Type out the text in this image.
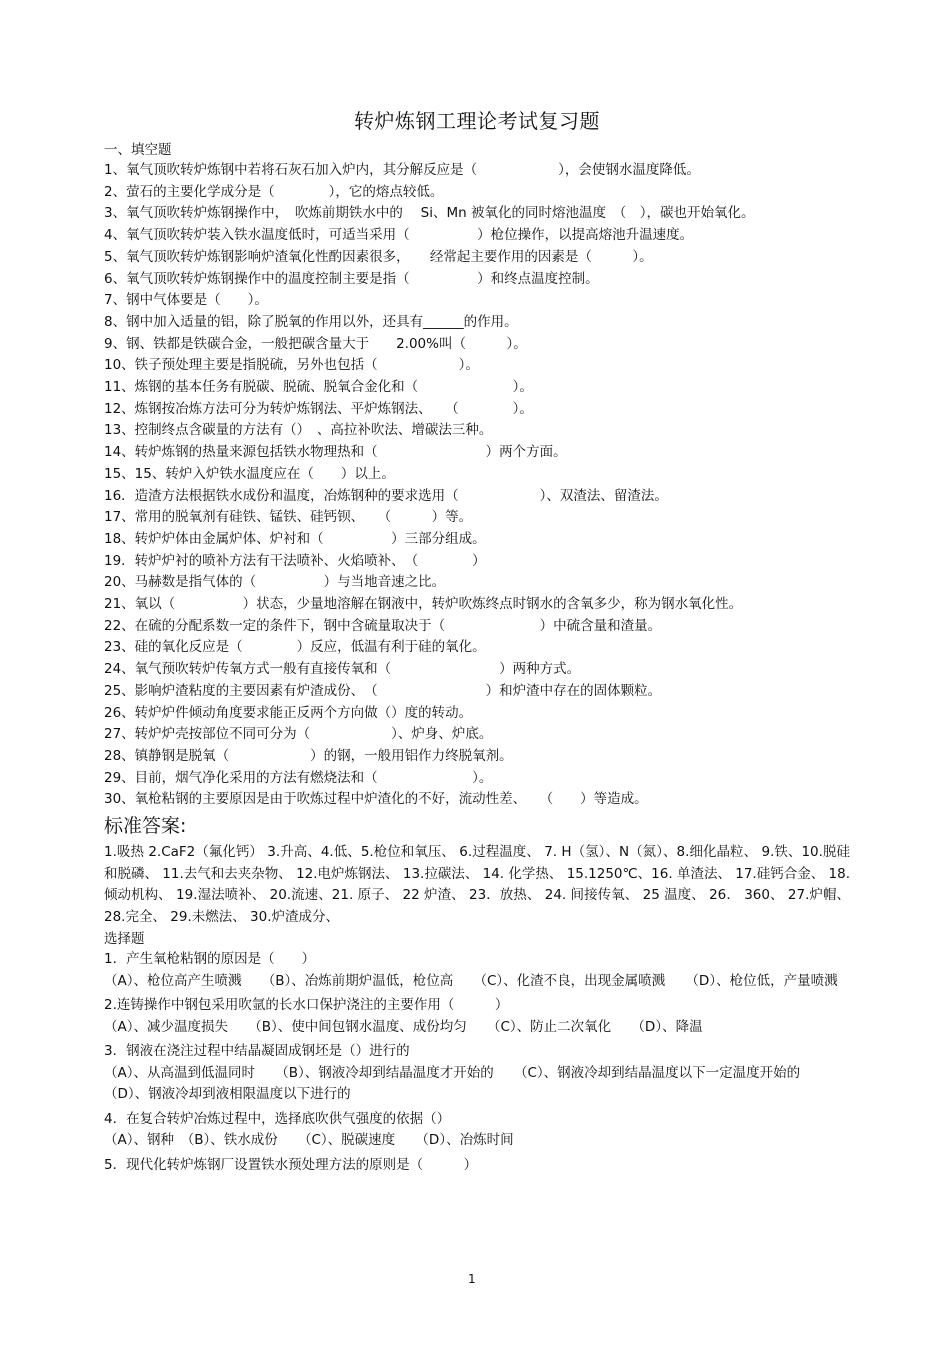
转炉炼钢工理论考试复习题
一、填空题
1、氧气顶吹转炉炼钢中若将石灰石加入炉内，其分解反应是（　　　　　　），会使钢水温度降低。
2、萤石的主要化学成分是（　　　　），它的熔点较低。
3、氧气顶吹转炉炼钢操作中，　吹炼前期铁水中的　 Si、Mn 被氧化的同时熔池温度　（　），碳也开始氧化。
4、氧气顶吹转炉装入铁水温度低时，可适当采用（　　　　　）枪位操作，以提高熔池升温速度。
5、氧气顶吹转炉炼钢影响炉渣氧化性酌因素很多，　　经常起主要作用的因素是（　　　）。
6、氧气顶吹转炉炼钢操作中的温度控制主要是指（　　　　　）和终点温度控制。
7、钢中气体要是（　　）。
8、钢中加入适量的铝，除了脱氧的作用以外，还具有______的作用。
9、钢、铁都是铁碳合金，一般把碳含量大于　　2.00%叫（　　　）。
10、铁子预处理主要是指脱硫，另外也包括（　　　　　　）。
11、炼钢的基本任务有脱碳、脱硫、脱氧合金化和（　　　　　　　）。
12、炼钢按冶炼方法可分为转炉炼钢法、平炉炼钢法、　　（　　　　）。
13、控制终点含碳量的方法有（）　、高拉补吹法、增碳法三种。
14、转炉炼钢的热量来源包括铁水物理热和（　　　　　　　　）两个方面。
15、15、转炉入炉铁水温度应在（　　）以上。
16．造渣方法根据铁水成份和温度，冶炼钢种的要求选用（　　　　　　）、双渣法、留渣法。
17、常用的脱氧剂有硅铁、锰铁、硅钙钡、　　（　　　）等。
18、转炉炉体由金属炉体、炉衬和（　　　　　）三部分组成。
19．转炉炉衬的喷补方法有干法喷补、火焰喷补、　（　　　　）
20、马赫数是指气体的（　　　　　）与当地音速之比。
21、氧以（　　　　　）状态，少量地溶解在钢液中，转炉吹炼终点时钢水的含氧多少，称为钢水氧化性。
22、在硫的分配系数一定的条件下，钢中含硫量取决于（　　　　　　　）中硫含量和渣量。
23、硅的氧化反应是（　　　　）反应，低温有利于硅的氧化。
24、氧气预吹转炉传氧方式一般有直接传氧和（　　　　　　　　）两种方式。
25、影响炉渣粘度的主要因素有炉渣成份、　（　　　　　　　　）和炉渣中存在的固体颗粒。
26、转炉炉件倾动角度要求能正反两个方向做（）度的转动。
27、转炉炉壳按部位不同可分为（　　　　　　）、炉身、炉底。
28、镇静钢是脱氧（　　　　　　）的钢，一般用铝作力终脱氧剂。
29、目前，烟气净化采用的方法有燃烧法和（　　　　　　　）。
30、氧枪粘钢的主要原因是由于吹炼过程中炉渣化的不好，流动性差、　　（　　）等造成。
标准答案:
1.吸热 2.CaF2（氟化钙） 3.升高、4.低、5.枪位和氧压、 6.过程温度、 7. H（氢）、N（氮）、8.细化晶粒、 9.铁、10.脱硅和脱磷、 11.去气和去夹杂物、 12.电炉炼钢法、 13.拉碳法、 14. 化学热、 15.1250℃、16. 单渣法、 17.硅钙合金、 18.倾动机构、 19.湿法喷补、 20.流速、21. 原子、 22 炉渣、 23．放热、 24. 间接传氧、 25 温度、 26． 360、 27.炉帽、 28.完全、 29.未燃法、 30.炉渣成分、
选择题
1．产生氧枪粘钢的原因是（　　）
（A）、枪位高产生喷溅　　（B）、冶炼前期炉温低，枪位高　　（C）、化渣不良，出现金属喷溅　　（D）、枪位低，产量喷溅
2.连铸操作中钢包采用吹氩的长水口保护浇注的主要作用（　　　）
（A）、减少温度损失　　（B）、使中间包钢水温度、成份均匀　　（C）、防止二次氧化　　（D）、降温
3．钢液在浇注过程中结晶凝固成钢坯是（）进行的
（A）、从高温到低温同时　　（B）、钢液冷却到结晶温度才开始的　　（C）、钢液冷却到结晶温度以下一定温度开始的　　（D）、钢液冷却到液相限温度以下进行的
4．在复合转炉冶炼过程中，选择底吹供气强度的依据（）
（A）、钢种　（B）、铁水成份　　（C）、脱碳速度　　（D）、冶炼时间
5．现代化转炉炼钢厂设置铁水预处理方法的原则是（　　　）
1
